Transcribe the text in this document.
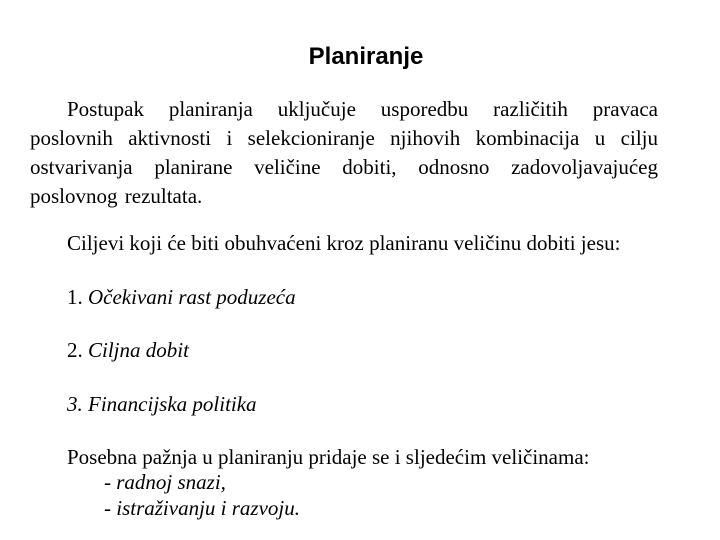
Planiranje

Postupak planiranja uključuje usporedbu različitih pravaca poslovnih aktivnosti i selekcioniranje njihovih kombinacija u cilju ostvarivanja planirane veličine dobiti, odnosno zadovoljavajućeg poslovnog rezultata.

Ciljevi koji će biti obuhvaćeni kroz planiranu veličinu dobiti jesu:

1. Očekivani rast poduzeća

2. Ciljna dobit

3. Financijska politika

Posebna pažnja u planiranju pridaje se i sljedećim veličinama:

- radnoj snazi,
- istraživanju i razvoju.
